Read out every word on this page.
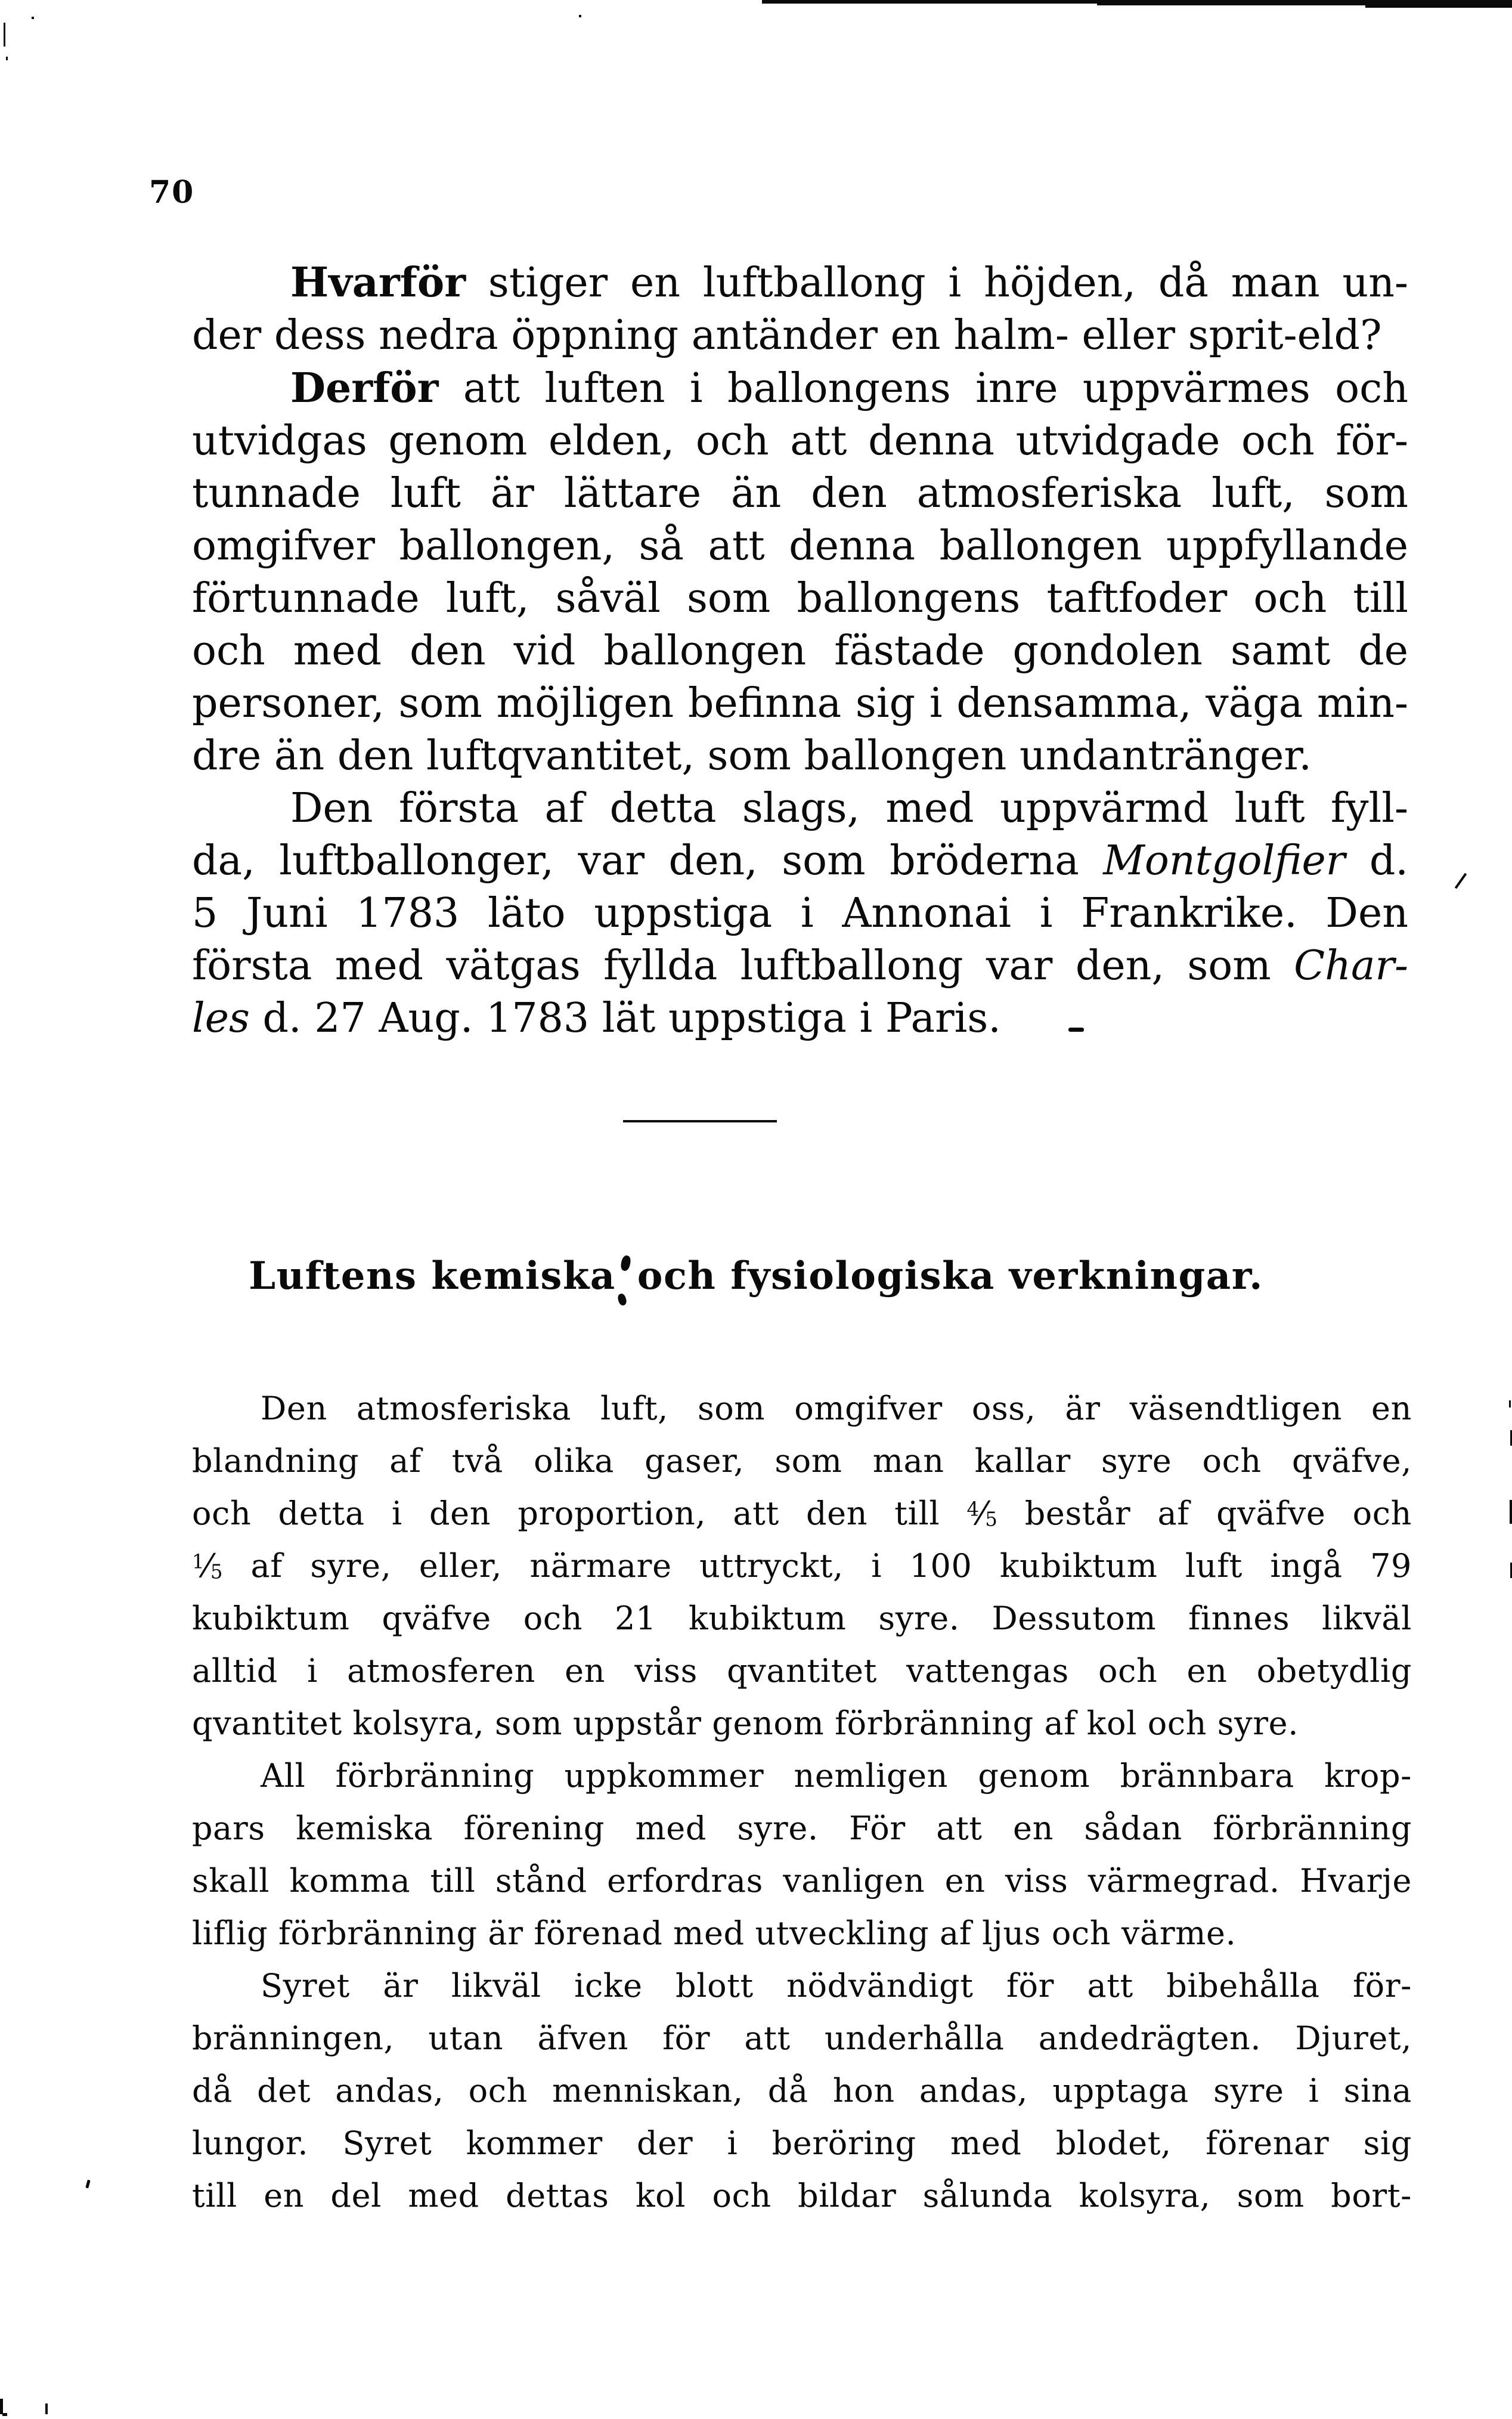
70
Hvarför stiger en luftballong i höjden, då man un-
der dess nedra öppning antänder en halm- eller sprit-eld?
Derför att luften i ballongens inre uppvärmes och
utvidgas genom elden, och att denna utvidgade och för-
tunnade luft är lättare än den atmosferiska luft, som
omgifver ballongen, så att denna ballongen uppfyllande
förtunnade luft, såväl som ballongens taftfoder och till
och med den vid ballongen fästade gondolen samt de
personer, som möjligen befinna sig i densamma, väga min-
dre än den luftqvantitet, som ballongen undantränger.
Den första af detta slags, med uppvärmd luft fyll-
da, luftballonger, var den, som bröderna Montgolfier d.
5 Juni 1783 läto uppstiga i Annonai i Frankrike. Den
första med vätgas fyllda luftballong var den, som Char-
les d. 27 Aug. 1783 lät uppstiga i Paris.
Luftens kemiska och fysiologiska verkningar.
Den atmosferiska luft, som omgifver oss, är väsendtligen en
blandning af två olika gaser, som man kallar syre och qväfve,
och detta i den proportion, att den till $^4⁄_5$ består af qväfve och
$^1⁄_5$ af syre, eller, närmare uttryckt, i 100 kubiktum luft ingå 79
kubiktum qväfve och 21 kubiktum syre. Dessutom finnes likväl
alltid i atmosferen en viss qvantitet vattengas och en obetydlig
qvantitet kolsyra, som uppstår genom förbränning af kol och syre.
All förbränning uppkommer nemligen genom brännbara krop-
pars kemiska förening med syre. För att en sådan förbränning
skall komma till stånd erfordras vanligen en viss värmegrad. Hvarje
liflig förbränning är förenad med utveckling af ljus och värme.
Syret är likväl icke blott nödvändigt för att bibehålla för-
bränningen, utan äfven för att underhålla andedrägten. Djuret,
då det andas, och menniskan, då hon andas, upptaga syre i sina
lungor. Syret kommer der i beröring med blodet, förenar sig
till en del med dettas kol och bildar sålunda kolsyra, som bort-
